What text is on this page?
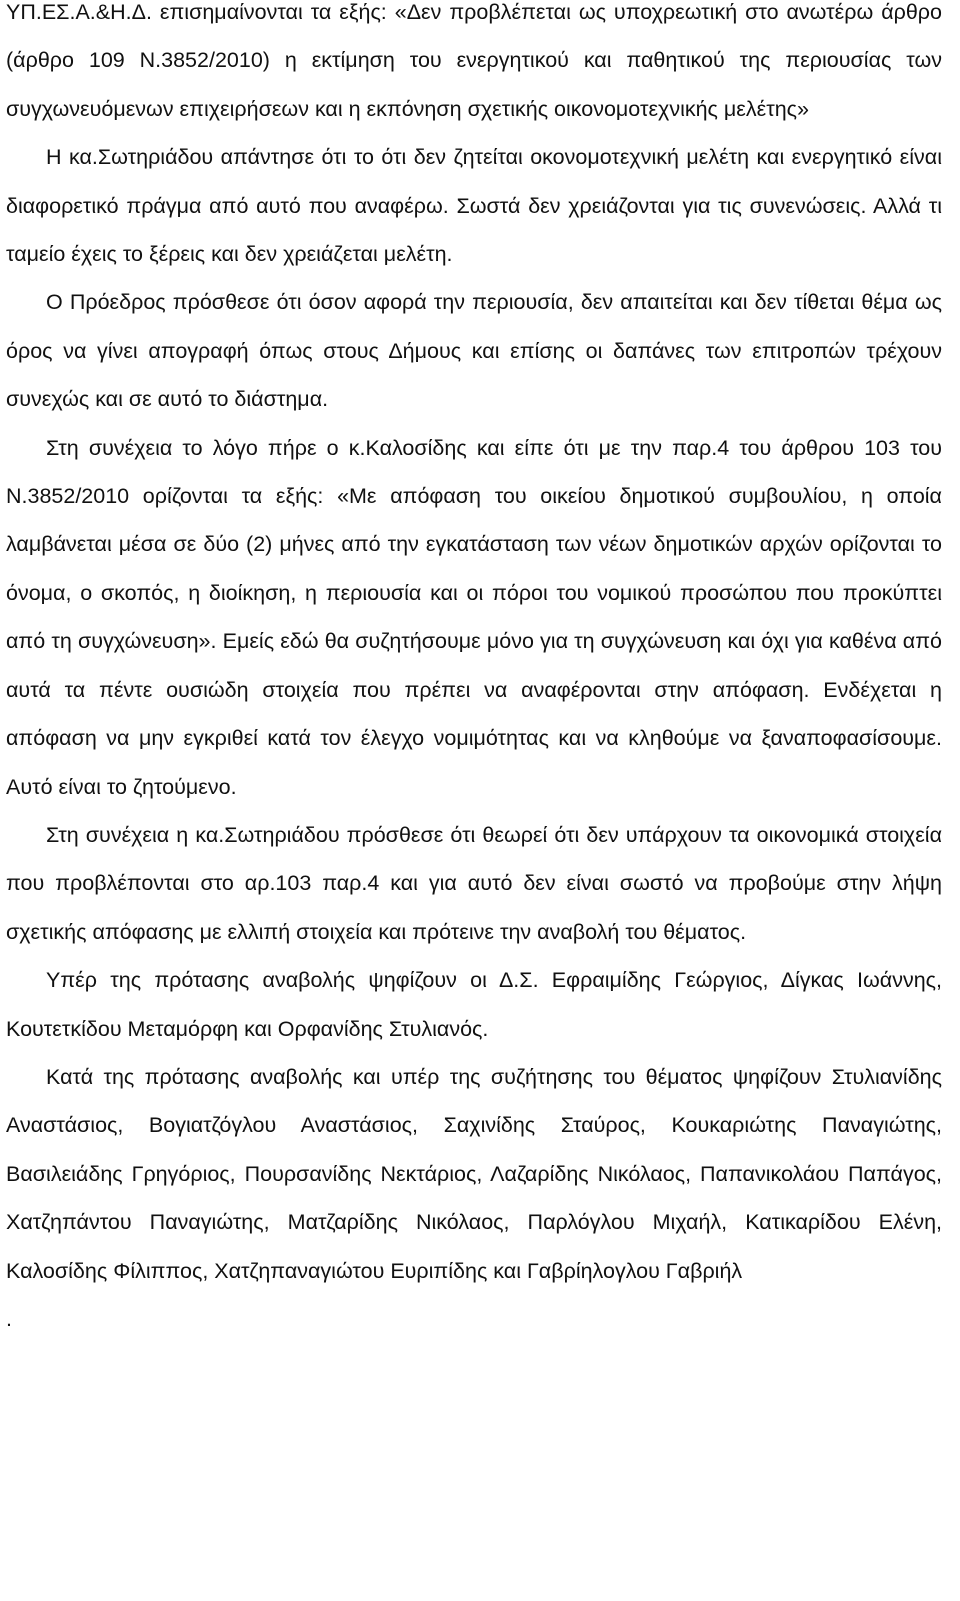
ΥΠ.ΕΣ.Α.&Η.Δ. επισημαίνονται τα εξής: «Δεν προβλέπεται ως υποχρεωτική στο ανωτέρω άρθρο (άρθρο 109 Ν.3852/2010) η εκτίμηση του ενεργητικού και παθητικού της περιουσίας των συγχωνευόμενων επιχειρήσεων και η εκπόνηση σχετικής οικονομοτεχνικής μελέτης»

Η κα.Σωτηριάδου απάντησε ότι το ότι δεν ζητείται οκονομοτεχνική μελέτη και ενεργητικό είναι διαφορετικό πράγμα από αυτό που αναφέρω. Σωστά δεν χρειάζονται για τις συνενώσεις. Αλλά τι ταμείο έχεις το ξέρεις και δεν χρειάζεται μελέτη.

Ο Πρόεδρος πρόσθεσε ότι όσον αφορά την περιουσία, δεν απαιτείται και δεν τίθεται θέμα ως όρος να γίνει απογραφή όπως στους Δήμους και επίσης οι δαπάνες των επιτροπών τρέχουν συνεχώς και σε αυτό το διάστημα.

Στη συνέχεια το λόγο πήρε ο κ.Καλοσίδης και είπε ότι με την παρ.4 του άρθρου 103 του Ν.3852/2010 ορίζονται τα εξής: «Με απόφαση του οικείου δημοτικού συμβουλίου, η οποία λαμβάνεται μέσα σε δύο (2) μήνες από την εγκατάσταση των νέων δημοτικών αρχών ορίζονται το όνομα, ο σκοπός, η διοίκηση, η περιουσία και οι πόροι του νομικού προσώπου που προκύπτει από τη συγχώνευση». Εμείς εδώ θα συζητήσουμε μόνο για τη συγχώνευση και όχι για καθένα από αυτά τα πέντε ουσιώδη στοιχεία που πρέπει να αναφέρονται στην απόφαση. Ενδέχεται η απόφαση να μην εγκριθεί κατά τον έλεγχο νομιμότητας και να κληθούμε να ξαναποφασίσουμε. Αυτό είναι το ζητούμενο.

Στη συνέχεια η κα.Σωτηριάδου πρόσθεσε ότι θεωρεί ότι δεν υπάρχουν τα οικονομικά στοιχεία που προβλέπονται στο αρ.103 παρ.4 και για αυτό δεν είναι σωστό να προβούμε στην λήψη σχετικής απόφασης με ελλιπή στοιχεία και πρότεινε την αναβολή του θέματος.

Υπέρ της πρότασης αναβολής ψηφίζουν οι Δ.Σ. Εφραιμίδης Γεώργιος, Δίγκας Ιωάννης, Κουτετκίδου Μεταμόρφη και Ορφανίδης Στυλιανός.

Κατά της πρότασης αναβολής και υπέρ της συζήτησης του θέματος ψηφίζουν Στυλιανίδης Αναστάσιος, Βογιατζόγλου Αναστάσιος, Σαχινίδης Σταύρος, Κουκαριώτης Παναγιώτης, Βασιλειάδης Γρηγόριος, Πουρσανίδης Νεκτάριος, Λαζαρίδης Νικόλαος, Παπανικολάου Παπάγος, Χατζηπάντου Παναγιώτης, Ματζαρίδης Νικόλαος, Παρλόγλου Μιχαήλ, Κατικαρίδου Ελένη, Καλοσίδης Φίλιππος, Χατζηπαναγιώτου Ευριπίδης και Γαβρίηλογλου Γαβριήλ

.
